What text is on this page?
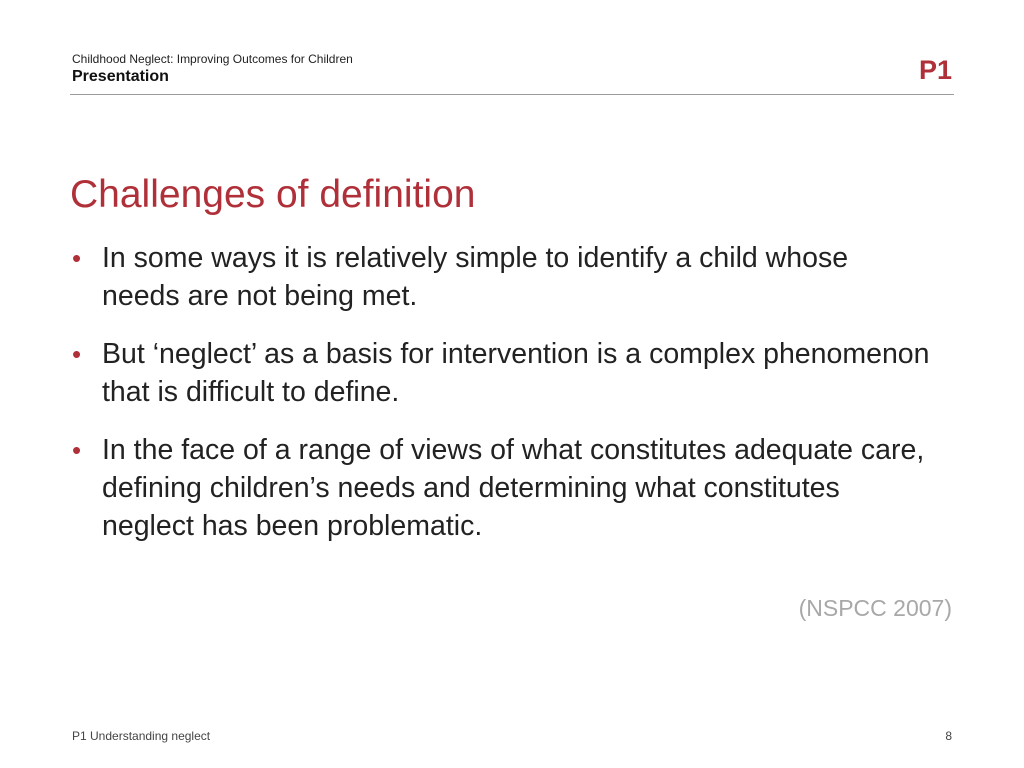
Childhood Neglect: Improving Outcomes for Children
Presentation	P1
Challenges of definition
• In some ways it is relatively simple to identify a child whose needs are not being met.
• But ‘neglect’ as a basis for intervention is a complex phenomenon that is difficult to define.
• In the face of a range of views of what constitutes adequate care, defining children’s needs and determining what constitutes neglect has been problematic.
(NSPCC 2007)
P1 Understanding neglect	8
